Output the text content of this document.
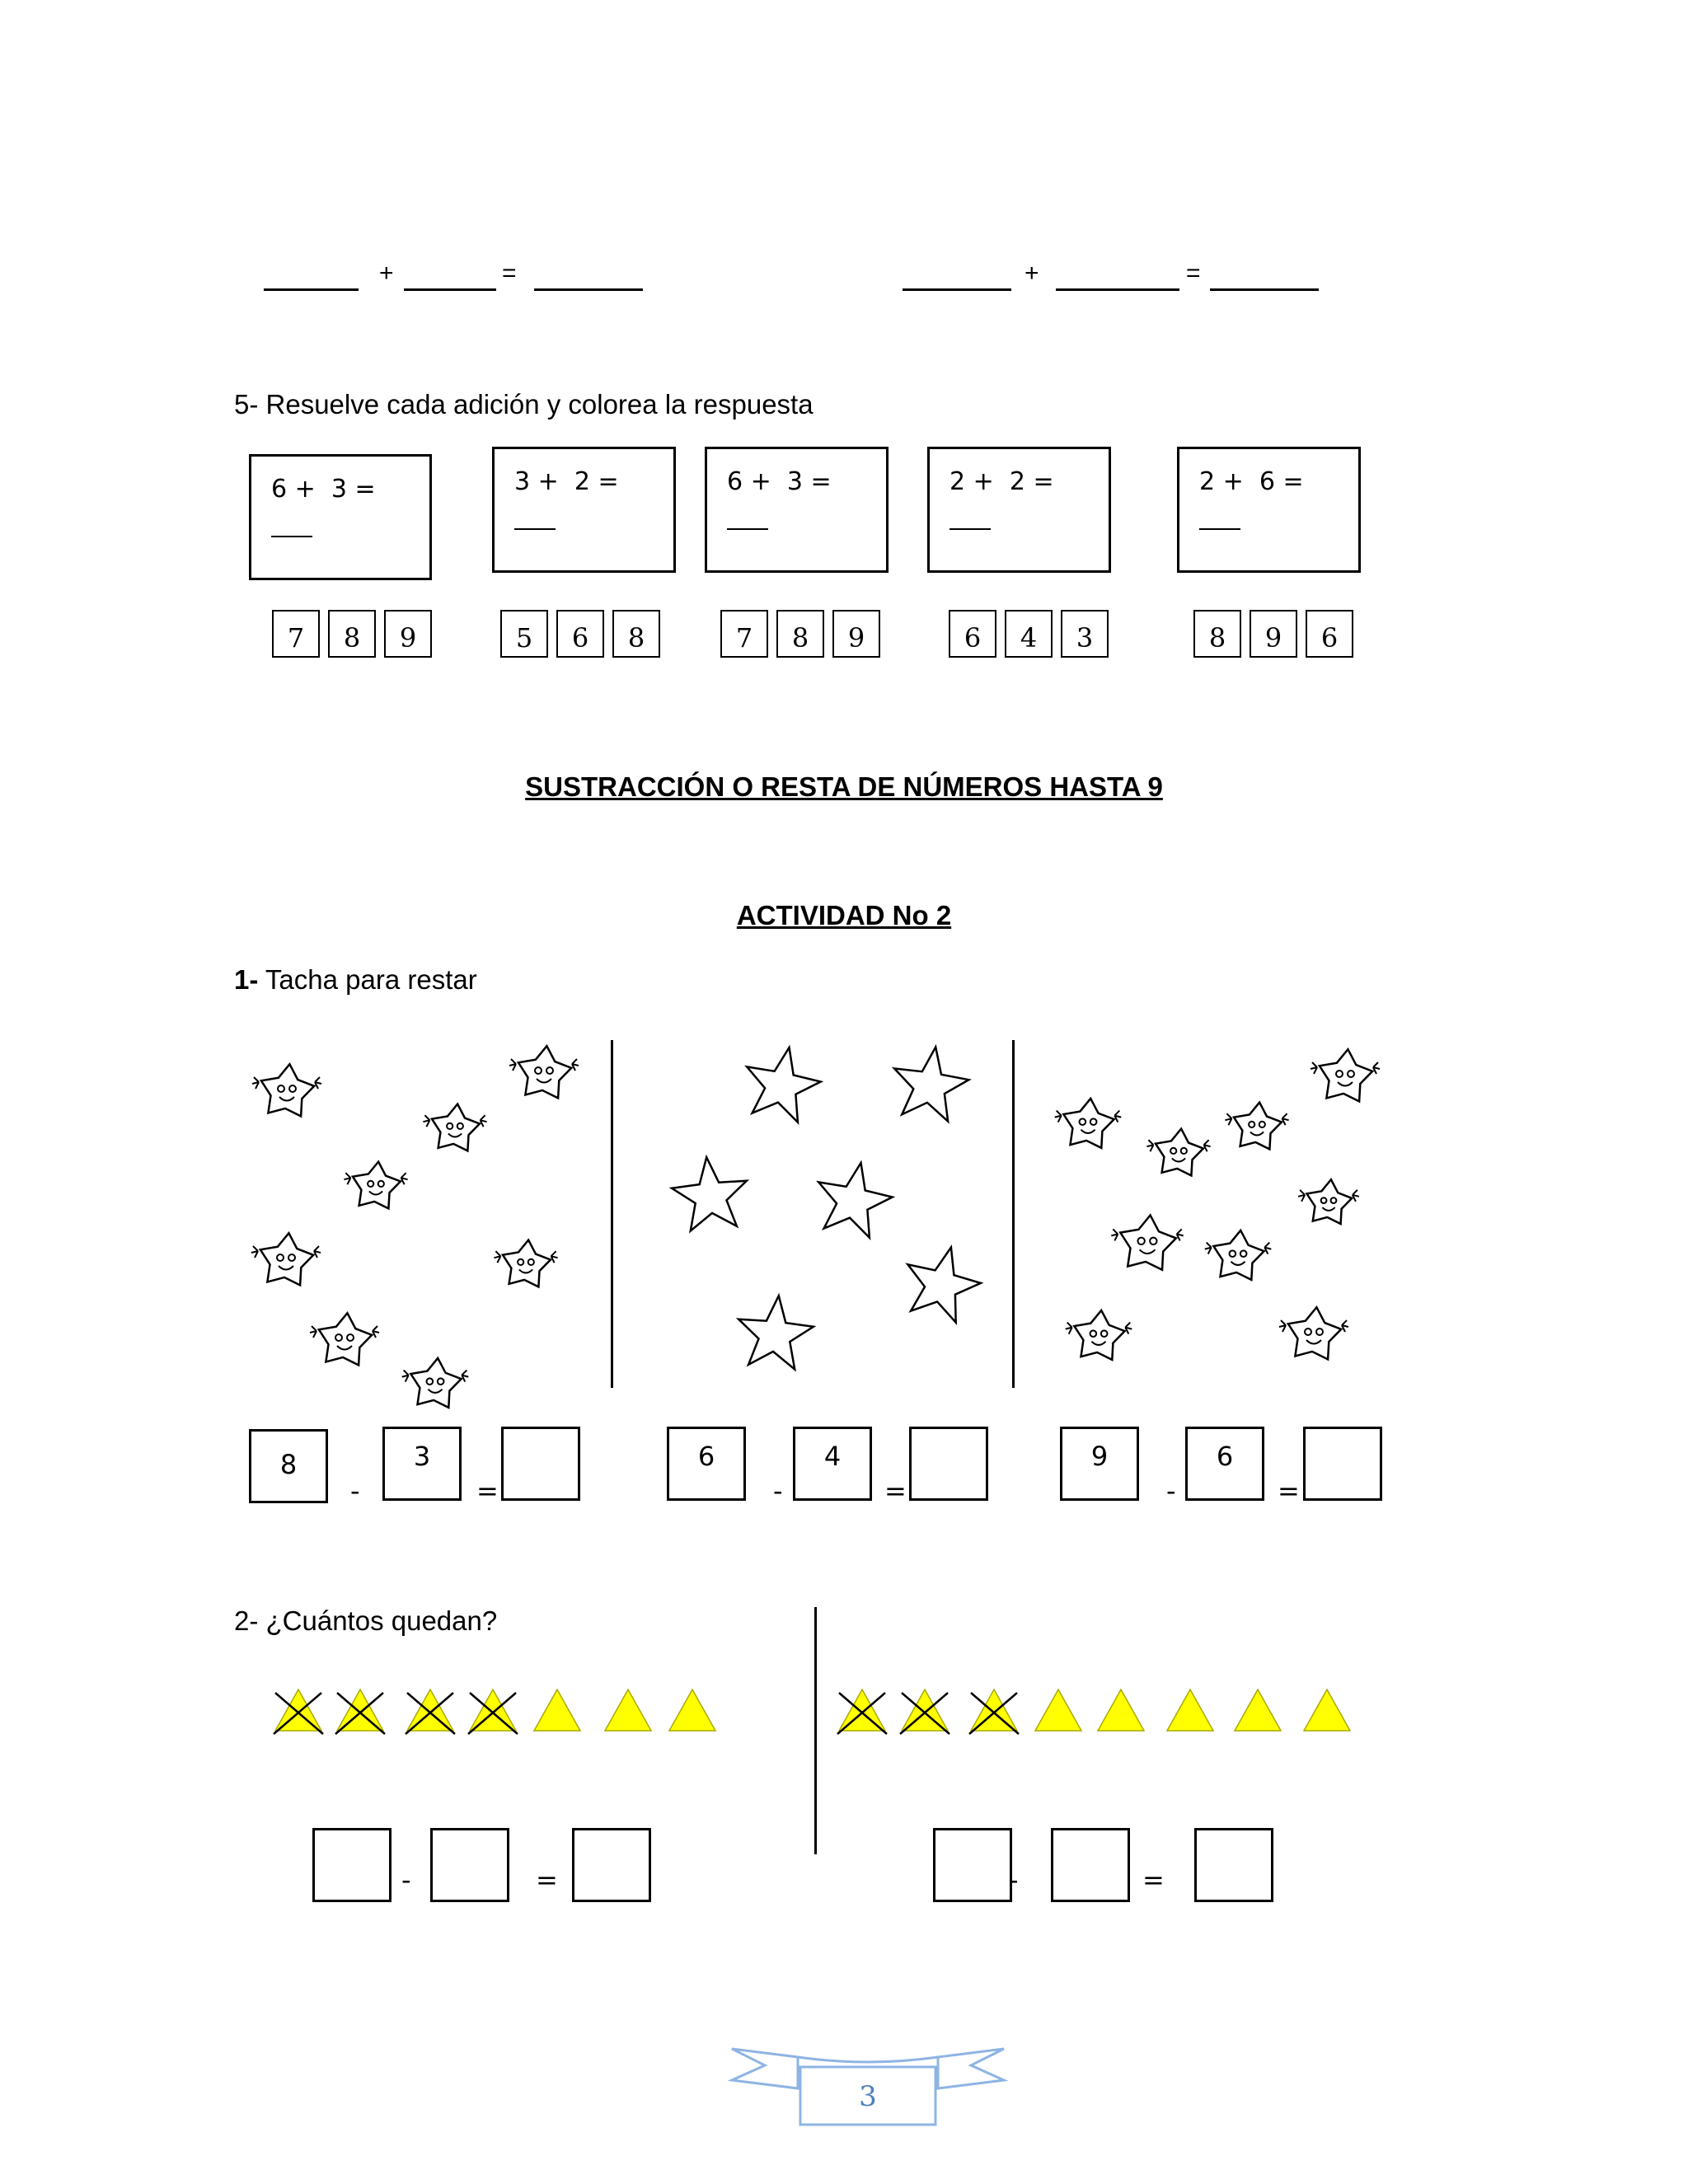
+	=	+	=
5- Resuelve cada adición y colorea la respuesta
6 +  3 =	3 +  2 =	6 +  3 =	2 +  2 =	2 +  6 =
7	8	9	5	6	8	7	8	9	6	4	3	8	9	6
SUSTRACCIÓN O RESTA DE NÚMEROS HASTA 9
ACTIVIDAD No 2
1- Tacha para restar
8
-
3
=
6
-
4
=
9
-
6
=
2- ¿Cuántos quedan?
-	=	-	=
3
